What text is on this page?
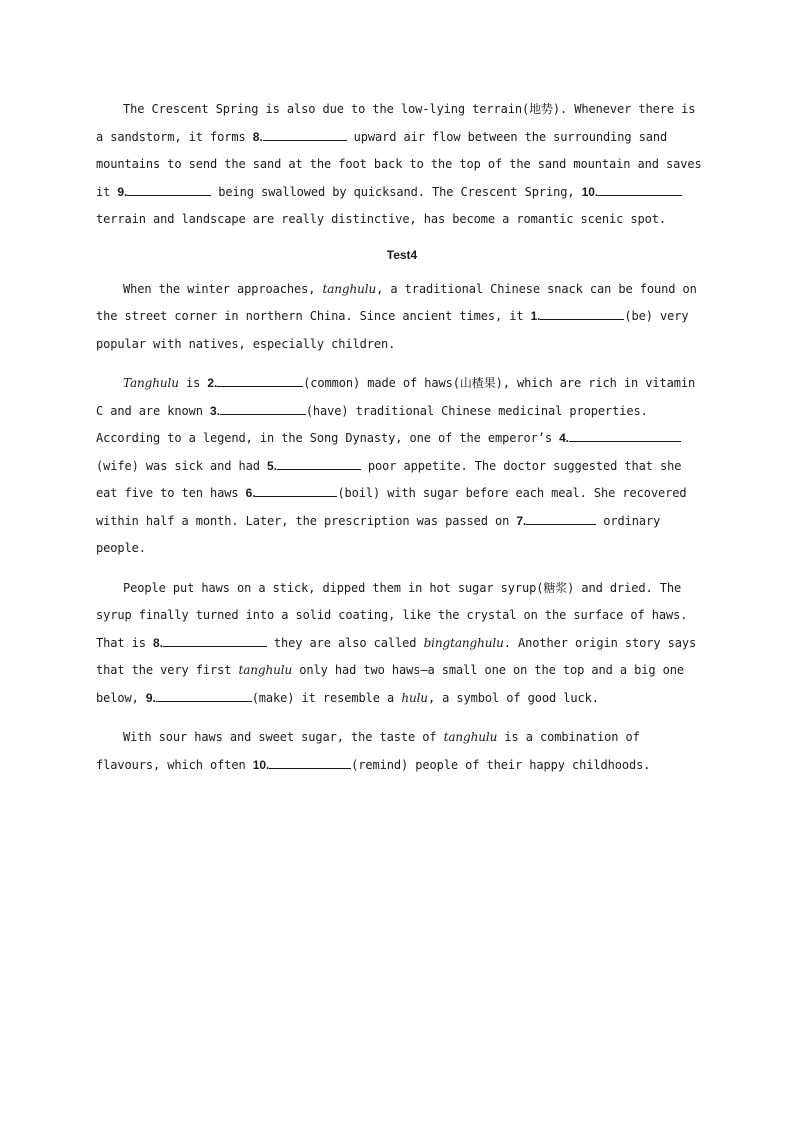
The Crescent Spring is also due to the low-lying terrain(地势). Whenever there is a sandstorm, it forms 8.	upward air flow between the surrounding sand mountains to send the sand at the foot back to the top of the sand mountain and saves it 9.	being swallowed by quicksand. The Crescent Spring, 10. terrain and landscape are really distinctive, has become a romantic scenic spot.

Test4

When the winter approaches, tanghulu, a traditional Chinese snack can be found on the street corner in northern China. Since ancient times, it 1.	(be) very popular with natives, especially children.

Tanghulu is 2.	(common) made of haws(山楂果), which are rich in vitamin C and are known 3.	(have) traditional Chinese medicinal properties. According to a legend, in the Song Dynasty, one of the emperor’s 4.(wife) was sick and had 5.	poor appetite. The doctor suggested that she eat five to ten haws 6.	(boil) with sugar before each meal. She recovered within half a month. Later, the prescription was passed on 7.	ordinary people.

People put haws on a stick, dipped them in hot sugar syrup(糖浆) and dried. The syrup finally turned into a solid coating, like the crystal on the surface of haws. That is 8.	they are also called bingtanghulu. Another origin story says that the very first tanghulu only had two haws—a small one on the top and a big one below, 9.	(make) it resemble a hulu, a symbol of good luck.

With sour haws and sweet sugar, the taste of tanghulu is a combination of flavours, which often 10.	(remind) people of their happy childhoods.
